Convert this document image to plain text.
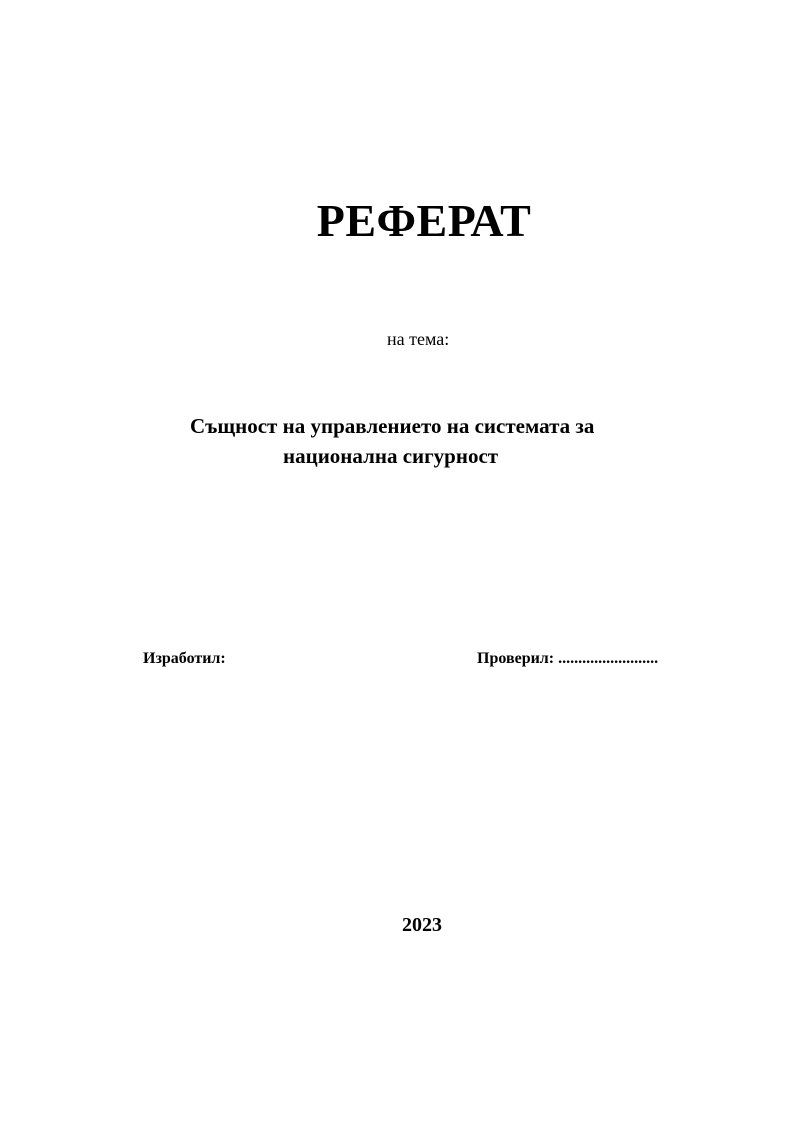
РЕФЕРАТ
на тема:
Същност на управлението на системата за
национална сигурност
Изработил:	Проверил: .........................
2023
